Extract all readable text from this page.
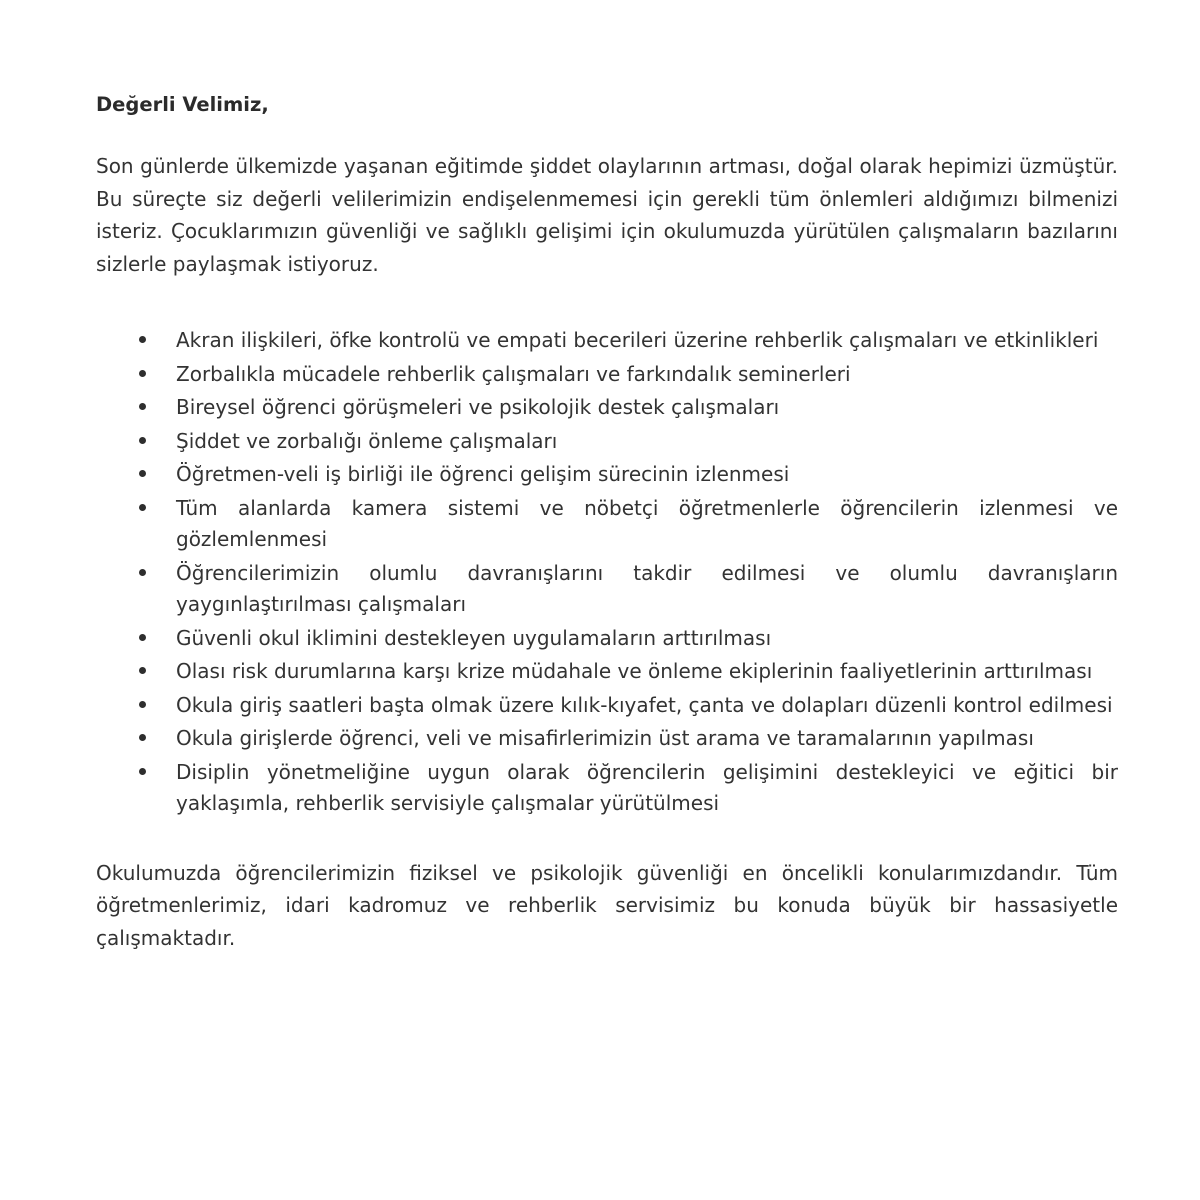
Değerli Velimiz,

Son günlerde ülkemizde yaşanan eğitimde şiddet olaylarının artması, doğal olarak hepimizi üzmüştür. Bu süreçte siz değerli velilerimizin endişelenmemesi için gerekli tüm önlemleri aldığımızı bilmenizi isteriz. Çocuklarımızın güvenliği ve sağlıklı gelişimi için okulumuzda yürütülen çalışmaların bazılarını sizlerle paylaşmak istiyoruz.

Akran ilişkileri, öfke kontrolü ve empati becerileri üzerine rehberlik çalışmaları ve etkinlikleri
Zorbalıkla mücadele rehberlik çalışmaları ve farkındalık seminerleri
Bireysel öğrenci görüşmeleri ve psikolojik destek çalışmaları
Şiddet ve zorbalığı önleme çalışmaları
Öğretmen-veli iş birliği ile öğrenci gelişim sürecinin izlenmesi
Tüm alanlarda kamera sistemi ve nöbetçi öğretmenlerle öğrencilerin izlenmesi ve gözlemlenmesi
Öğrencilerimizin olumlu davranışlarını takdir edilmesi ve olumlu davranışların yaygınlaştırılması çalışmaları
Güvenli okul iklimini destekleyen uygulamaların arttırılması
Olası risk durumlarına karşı krize müdahale ve önleme ekiplerinin faaliyetlerinin arttırılması
Okula giriş saatleri başta olmak üzere kılık-kıyafet, çanta ve dolapları düzenli kontrol edilmesi
Okula girişlerde öğrenci, veli ve misafirlerimizin üst arama ve taramalarının yapılması
Disiplin yönetmeliğine uygun olarak öğrencilerin gelişimini destekleyici ve eğitici bir yaklaşımla, rehberlik servisiyle çalışmalar yürütülmesi

Okulumuzda öğrencilerimizin fiziksel ve psikolojik güvenliği en öncelikli konularımızdandır. Tüm öğretmenlerimiz, idari kadromuz ve rehberlik servisimiz bu konuda büyük bir hassasiyetle çalışmaktadır.
